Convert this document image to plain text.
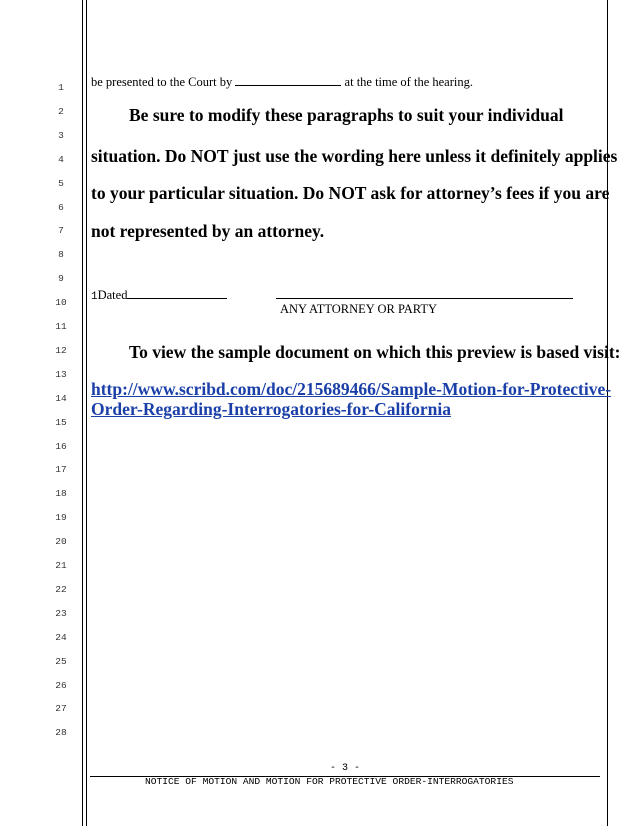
1
2
3
4
5
6
7
8
9
10
11
12
13
14
15
16
17
18
19
20
21
22
23
24
25
26
27
28
be presented to the Court by	at the time of the hearing.
Be sure to modify these paragraphs to suit your individual
situation. Do NOT just use the wording here unless it definitely applies
to your particular situation. Do NOT ask for attorney’s fees if you are
not represented by an attorney.
1Dated
ANY ATTORNEY OR PARTY
To view the sample document on which this preview is based visit:
http://www.scribd.com/doc/215689466/Sample-Motion-for-Protective-
Order-Regarding-Interrogatories-for-California
- 3 -
NOTICE OF MOTION AND MOTION FOR PROTECTIVE ORDER-INTERROGATORIES
